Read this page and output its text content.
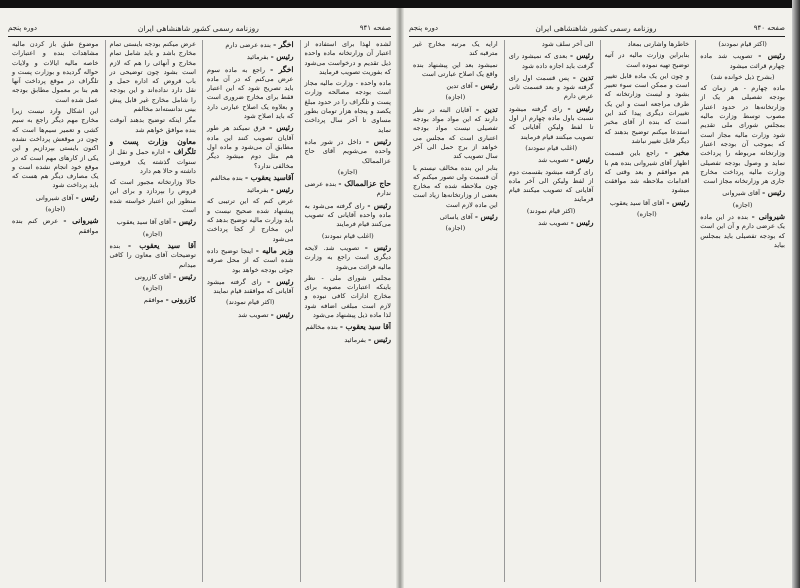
صفحه ۹۴۱
روزنامه رسمی کشور شاهنشاهی ایران
دوره پنجم

لشده لهذا برای استفاده از اعتبار آن وزارتخانه ماده واحده ذیل تقدیم و درخواست می‌شود که بفوریت تصویب فرمایند

ماده واحده - وزارت مالیه مجاز است بودجه مصالحه وزارت پست و تلگراف را در حدود مبلغ یکصد و پنجاه هزار تومان بطور مساوی تا آخر سال پرداخت نماید

رئیس - داخل در شور ماده واحده می‌شویم آقای حاج عزالممالک

(اجازه)

حاج عزالممالک - بنده عرضی ندارم

رئیس - رای گرفته می‌شود به ماده واحده آقایانی که تصویب می‌کنند قیام فرمایند

(اغلب قیام نمودند)

رئیس - تصویب شد. لایحه دیگری است راجع به وزارت مالیه قرائت می‌شود

مجلس شورای ملی - نظر باینکه اعتبارات مصوبه برای مخارج ادارات کافی نبوده و لازم است مبلغی اضافه شود لذا ماده ذیل پیشنهاد می‌شود

آقا سید یعقوب - بنده مخالفم

رئیس - بفرمائید

اخگر - بنده عرضی دارم

رئیس - بفرمائید

اخگر - راجع به ماده سوم عرض می‌کنم که در آن ماده باید تصریح شود که این اعتبار فقط برای مخارج ضروری است و بعلاوه یک اصلاح عبارتی دارد که باید اصلاح شود

رئیس - فرق نمیکند هر طور آقایان تصویب کنند این ماده مطابق آن می‌شود و ماده اول هم مثل دوم میشود دیگر مخالفی ندارد؟

آقاسید یعقوب - بنده مخالفم

رئیس - بفرمائید

عرض کنم که این ترتیبی که پیشنهاد شده صحیح نیست و باید وزارت مالیه توضیح بدهد که این مخارج از کجا پرداخت می‌شود

وزیر مالیه - اینجا توضیح داده شده است که از محل صرفه جوئی بودجه خواهد بود

رئیس - رای گرفته میشود آقایانی که موافقند قیام نمایند

(اکثر قیام نمودند)

رئیس - تصویب شد

عرض میکنم بودجه بایستی تمام مخارج باشد و باید شامل تمام مخارج و آنهائی را هم که لازم است بشود چون توضیحی در باب قروض که اداره حمل و نقل دارد نداده‌اند و این بودجه را شامل مخارج غیر قابل پیش بینی ندانسته‌اند مخالفم

مگر اینکه توضیح بدهند آنوقت بنده موافق خواهم شد

معاون وزارت پست و تلگراف - اداره حمل و نقل از سنوات گذشته یک قروضی داشته و حالا هم دارد

حالا وزارتخانه مجبور است که قروض را بپردازد و برای این منظور این اعتبار خواسته شده است

رئیس - آقای آقا سید یعقوب

(اجازه)

آقا سید یعقوب - بنده توضیحات آقای معاون را کافی میدانم

رئیس - آقای کازرونی

(اجازه)

کازرونی - موافقم

موضوع طبق باز کردن مالیه مشاهدات بنده و اعتبارات خاصه مالیه ایالات و ولایات حواله گردیده و بوزارت پست و تلگراف در موقع پرداخت آنها هم بنا بر معمول مطابق بودجه عمل شده است

این اشکال وارد نیست زیرا مخارج مهم دیگر راجع به سیم کشی و تعمیر سیم‌ها است که چون در موقعش پرداخت نشده اکنون بایستی بپردازیم و این یکی از کارهای مهم است که در موقع خود انجام نشده است و یک مصارف دیگر هم هست که باید پرداخت شود

رئیس - آقای شیروانی

(اجازه)

شیروانی - عرض کنم بنده موافقم

صفحه ۹۴۰
روزنامه رسمی کشور شاهنشاهی ایران
دوره پنجم

(اکثر قیام نمودند)

رئیس - تصویب شد ماده چهارم قرائت میشود

(بشرح ذیل خوانده شد)

ماده چهارم - هر زمان که بودجه تفصیلی هر یک از وزارتخانه‌ها در حدود اعتبار مصوب توسط وزارت مالیه بمجلس شورای ملی تقدیم شود وزارت مالیه مجاز است که بموجب آن بودجه اعتبار وزارتخانه مربوطه را پرداخت نماید و وصول بودجه تفصیلی وزارت مالیه پرداخت مخارج جاری هر وزارتخانه مجاز است

رئیس - آقای شیروانی

(اجازه)

شیروانی - بنده در این ماده یک عرضی دارم و آن این است که بودجه تفصیلی باید بمجلس بیاید

خاطرها واشارتی بمعاد

بنابراین وزارت مالیه در آتیه توضیح تهیه نموده است

و چون این یک ماده قابل تغییر است و ممکن است سوء تعبیر بشود و لیست وزارتخانه که طرف مراجعه است و این یک تغییرات دیگری پیدا کند این است که بنده از آقای مخبر استدعا میکنم توضیح بدهند که دیگر قابل تغییر نباشد

مخبر - راجع باین قسمت اظهار آقای شیروانی بنده هم با هم موافقم و بعد وقتی که اقدامات ملاحظه شد موافقت میشود

رئیس - آقای آقا سید یعقوب

(اجازه)

الی آخر سلف شود

رئیس - بعدی که نمیشود رای گرفت باید اجازه داده شود

تدین - پس قسمت اول رای گرفته شود و بعد قسمت ثانی عرض دارم

رئیس - رای گرفته میشود نسبت باول ماده چهارم از اول تا لفظ ولیکن آقایانی که تصویب میکنند قیام فرمایند

(اغلب قیام نمودند)

رئیس - تصویب شد

رای گرفته میشود بقسمت دوم از لفظ ولیکن الی آخر ماده آقایانی که تصویب میکنند قیام فرمایند

(اکثر قیام نمودند)

رئیس - تصویب شد

ارایه یک مرتبه مخارج غیر مترقبه کند

نمیشود بعد این پیشنهاد بنده واقع یک اصلاح عبارتی است

رئیس - آقای تدین

(اجازه)

تدین - آقایان البته در نظر دارند که این مواد مواد بودجه تفصیلی نیست مواد بودجه اعتباری است که مجلس می خواهد از برج حمل الی آخر سال تصویب کند

بنابر این بنده مخالف نیستم با آن قسمت ولی تصور میکنم که چون ملاحظه شده که مخارج بعضی از وزارتخانه‌ها زیاد است این ماده لازم است

رئیس - آقای یاسائی

(اجازه)
